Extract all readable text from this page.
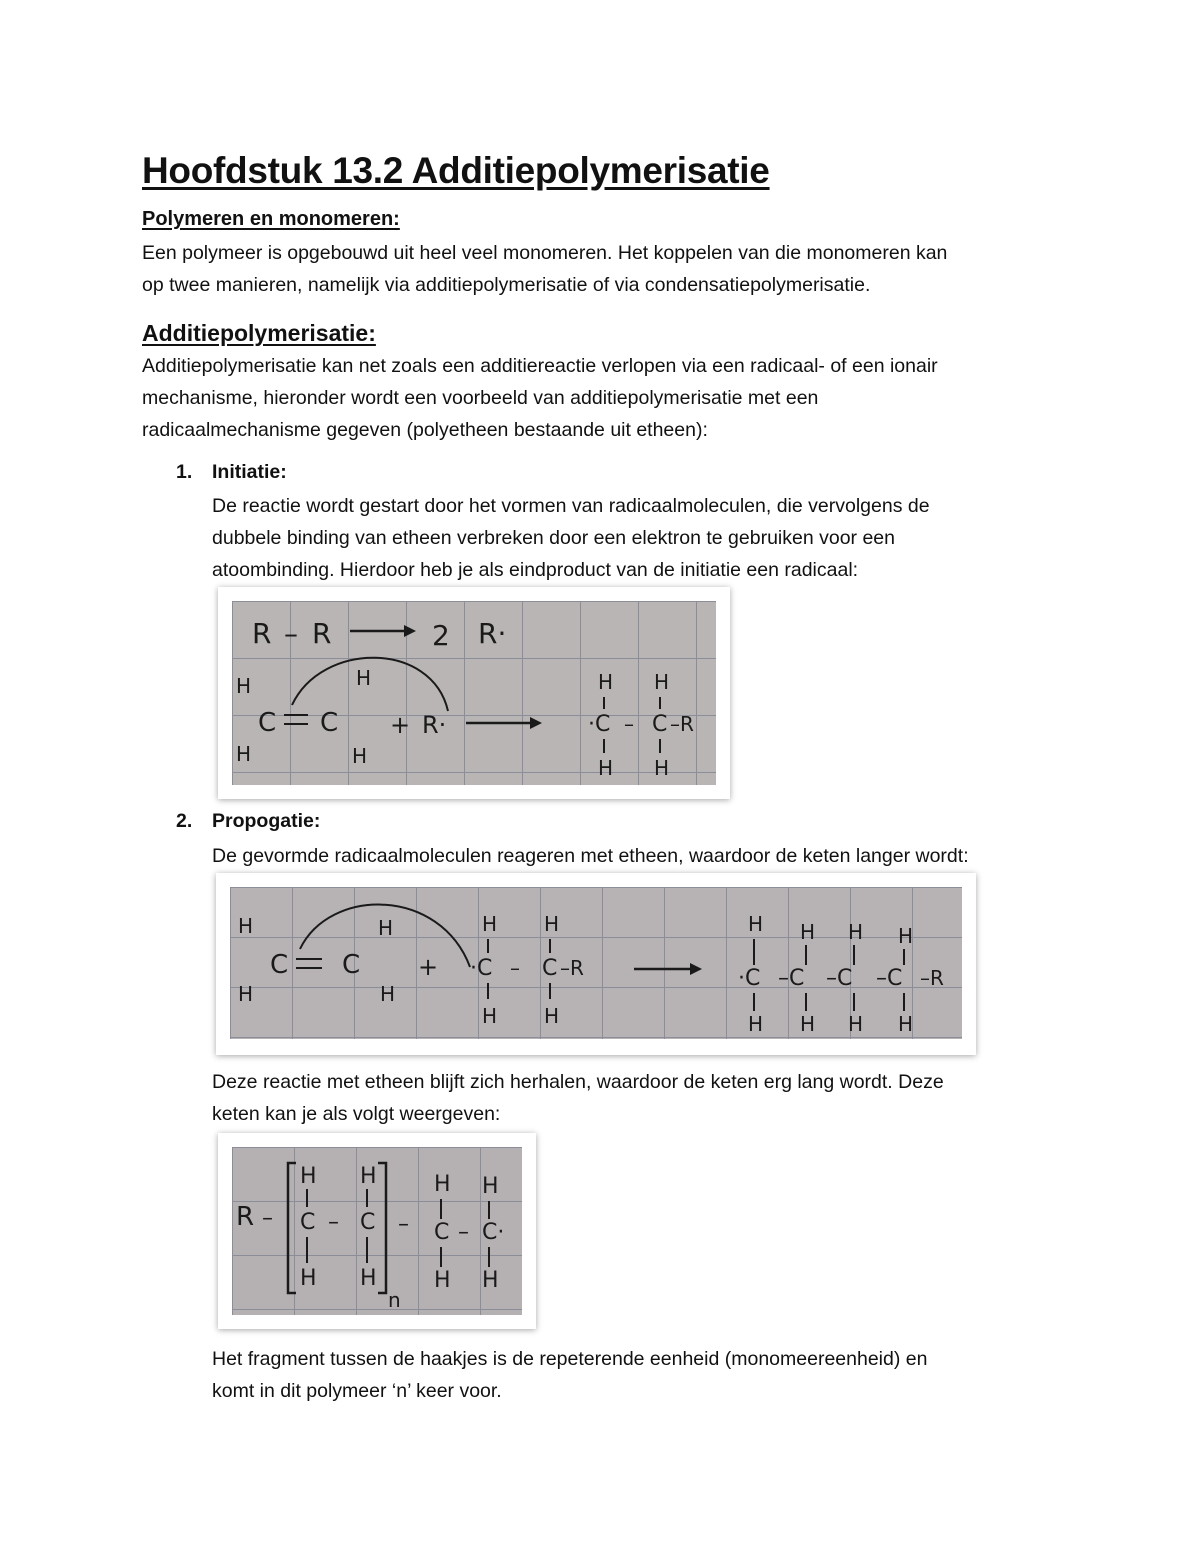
Hoofdstuk 13.2 Additiepolymerisatie
Polymeren en monomeren:

Een polymeer is opgebouwd uit heel veel monomeren. Het koppelen van die monomeren kan
op twee manieren, namelijk via additiepolymerisatie of via condensatiepolymerisatie.

Additiepolymerisatie:

Additiepolymerisatie kan net zoals een additiereactie verlopen via een radicaal- of een ionair
mechanisme, hieronder wordt een voorbeeld van additiepolymerisatie met een
radicaalmechanisme gegeven (polyetheen bestaande uit etheen):

1. Initiatie:

De reactie wordt gestart door het vormen van radicaalmoleculen, die vervolgens de
dubbele binding van etheen verbreken door een elektron te gebruiken voor een
atoombinding. Hierdoor heb je als eindproduct van de initiatie een radicaal:

R – R	2 R·
H
H
C C
H
H
+ R·
H H
·C – C –R
H H
2. Propogatie:

De gevormde radicaalmoleculen reageren met etheen, waardoor de keten langer wordt:

H
H
C C
H
H
+
H H
·C – C –R
H H
H H H H
·C –C –C –C –R
H H H H

Deze reactie met etheen blijft zich herhalen, waardoor de keten erg lang wordt. Deze
keten kan je als volgt weergeven:

R –
H H
C – C
H H
n
–
H H
C – C·
H H

Het fragment tussen de haakjes is de repeterende eenheid (monomeereenheid) en
komt in dit polymeer ‘n’ keer voor.
